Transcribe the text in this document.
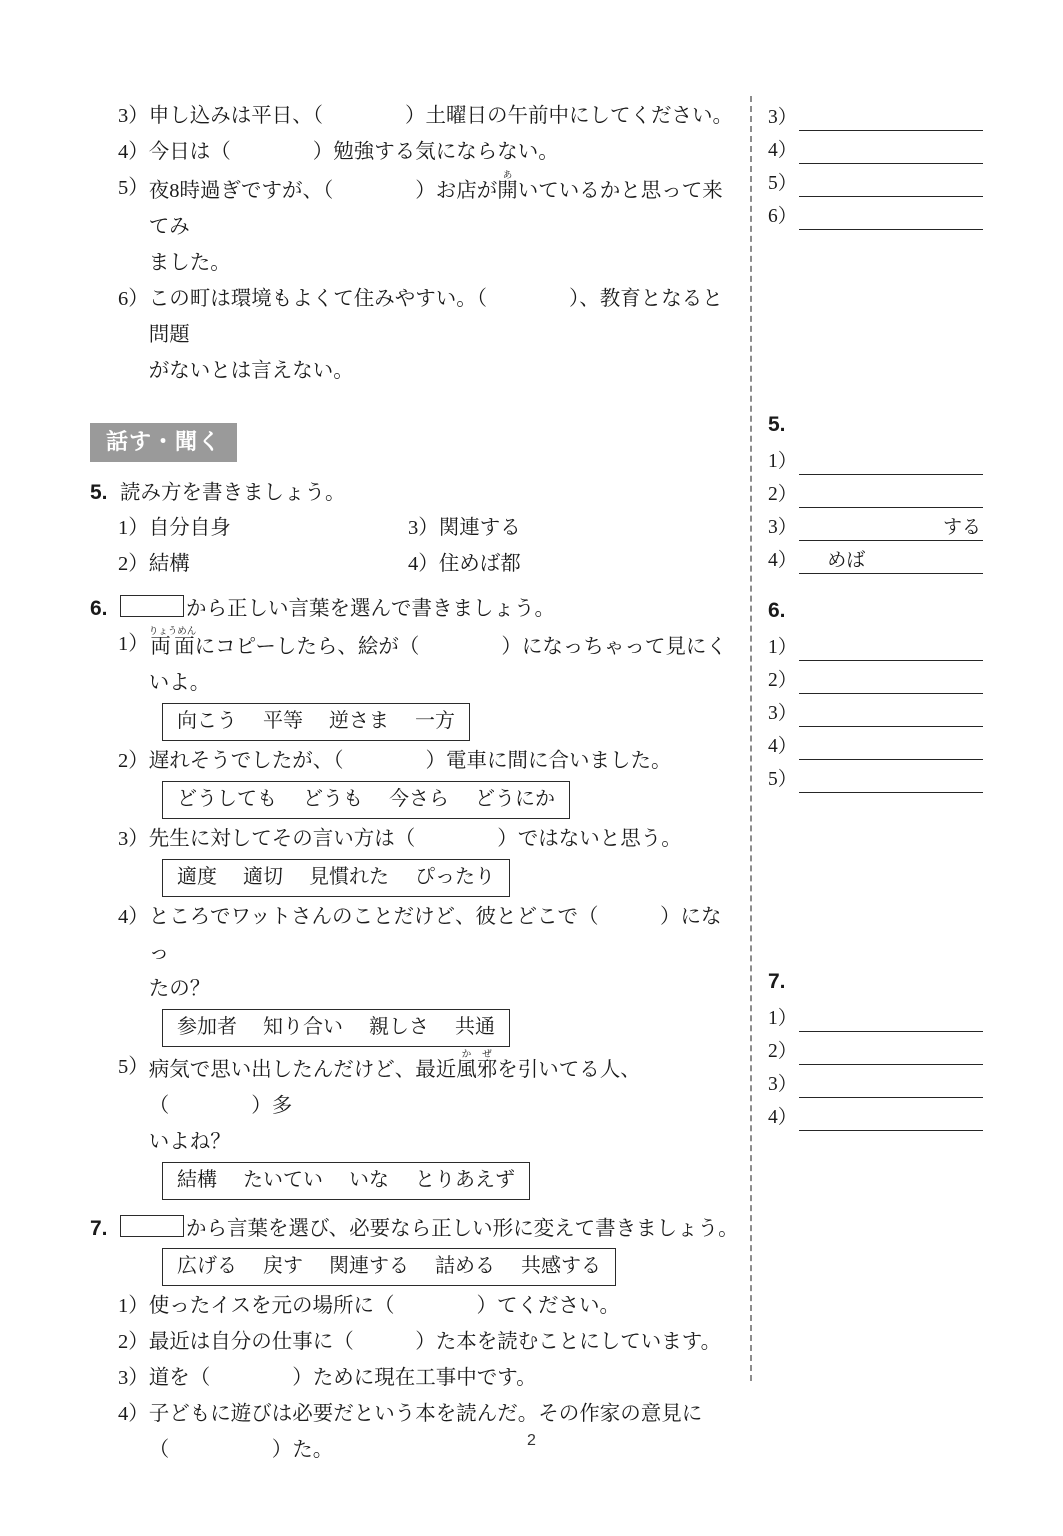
3） 申し込みは平日、（　　　　	）土曜日の午前中にしてください。
4） 今日は（　　　　	）勉強する気にならない。
5） 夜8時過ぎですが、（　　　　	）お店が開あいているかと思って来てみ
ました。
6） この町は環境もよくて住みやすい。（　　　　	）、教育となると問題
がないとは言えない。
話す・聞く
5. 読み方を書きましょう。
1）自分自身	3）関連する
2）結構	4）住めば都
6.	から正しい言葉を選んで書きましょう。
1） 両面りょうめんにコピーしたら、絵が（　　　　	）になっちゃって見にくいよ。
向こう 平等 逆さま 一方
2） 遅れそうでしたが、（　　　　	）電車に間に合いました。
どうしても どうも 今さら どうにか
3） 先生に対してその言い方は（　　　　	）ではないと思う。
適度 適切 見慣れた ぴったり
4） ところでワットさんのことだけど、彼とどこで（　　　	）になっ
たの？
参加者 知り合い 親しさ 共通
5） 病気で思い出したんだけど、最近風邪かぜを引いてる人、（　　　　	）多
いよね？
結構 たいてい いな とりあえず
7.	から言葉を選び、必要なら正しい形に変えて書きましょう。
広げる 戻す 関連する 詰める 共感する
1） 使ったイスを元の場所に（　　　　	）てください。
2） 最近は自分の仕事に（　　　	）た本を読むことにしています。
3） 道を（　　　　	）ために現在工事中です。
4） 子どもに遊びは必要だという本を読んだ。その作家の意見に
（　　　　　）た。
3）
4）
5）
6）
5.
1）
2）
3）	する
4） めば
6.
1）
2）
3）
4）
5）
7.
1）
2）
3）
4）
2
